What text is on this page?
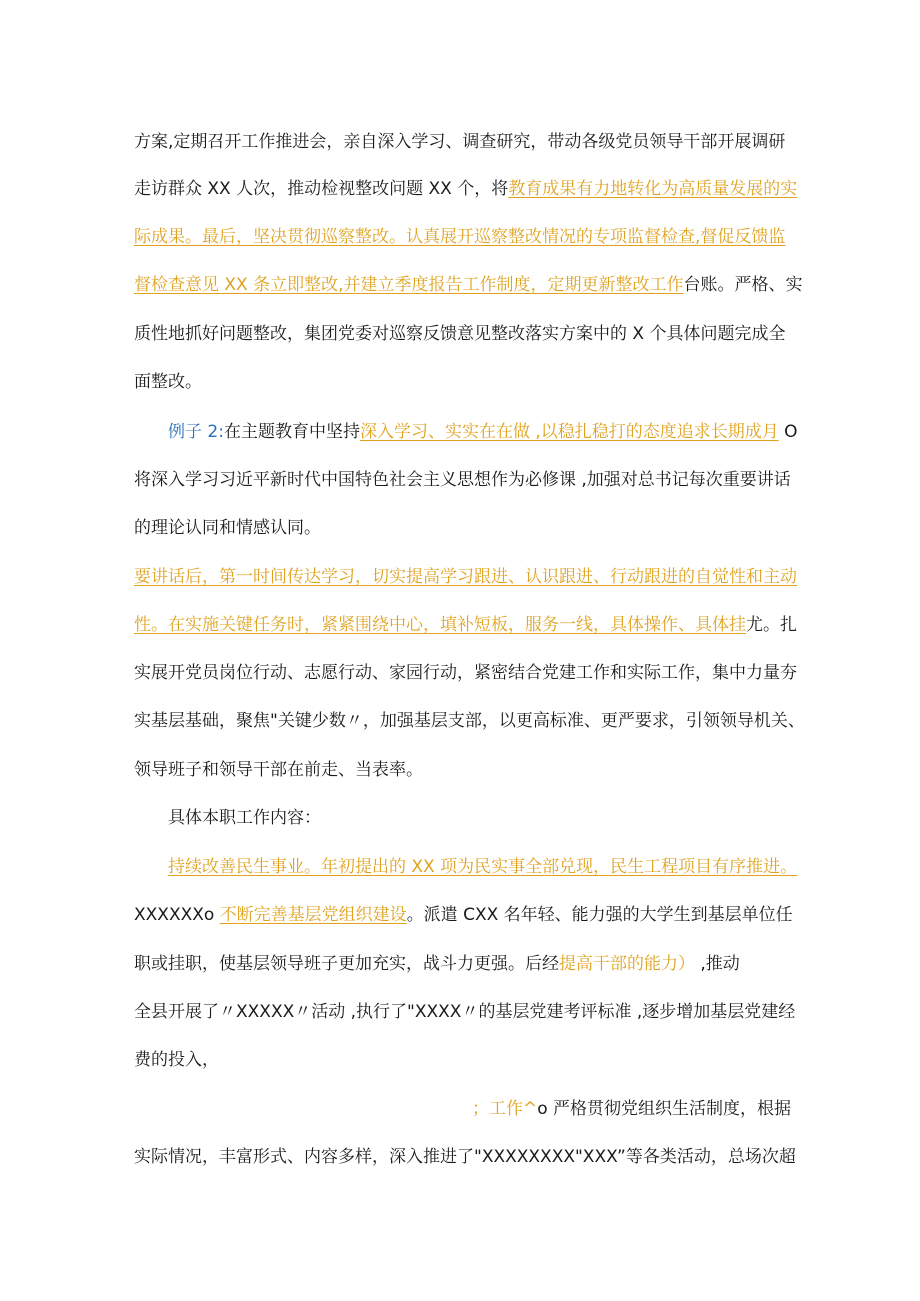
方案,定期召开工作推进会，亲自深入学习、调查研究，带动各级党员领导干部开展调研
走访群众 XX 人次，推动检视整改问题 XX 个，将教育成果有力地转化为高质量发展的实
际成果。最后，坚决贯彻巡察整改。认真展开巡察整改情况的专项监督检查,督促反馈监
督检查意见 XX 条立即整改,并建立季度报告工作制度，定期更新整改工作台账。严格、实
质性地抓好问题整改，集团党委对巡察反馈意见整改落实方案中的 X 个具体问题完成全
面整改。
例子 2:在主题教育中坚持深入学习、实实在在做 ,以稳扎稳打的态度追求长期成月 O
将深入学习习近平新时代中国特色社会主义思想作为必修课 ,加强对总书记每次重要讲话
的理论认同和情感认同。
要讲话后，第一时间传达学习，切实提高学习跟进、认识跟进、行动跟进的自觉性和主动
性。在实施关键任务时，紧紧围绕中心，填补短板，服务一线，具体操作、具体挂尤。扎
实展开党员岗位行动、志愿行动、家园行动，紧密结合党建工作和实际工作，集中力量夯
实基层基础，聚焦"关键少数〃，加强基层支部，以更高标准、更严要求，引领领导机关、
领导班子和领导干部在前走、当表率。
具体本职工作内容：
持续改善民生事业。年初提出的 XX 项为民实事全部兑现，民生工程项目有序推进。
XXXXXXo 不断完善基层党组织建设。派遣 CXX 名年轻、能力强的大学生到基层单位任
职或挂职，使基层领导班子更加充实，战斗力更强。后经提高干部的能力） ,推动
全县开展了〃XXXXX〃活动 ,执行了"XXXX〃的基层党建考评标准 ,逐步增加基层党建经
费的投入，
；工作^o 严格贯彻党组织生活制度，根据
实际情况，丰富形式、内容多样，深入推进了"XXXXXXXX"XXX”等各类活动，总场次超
